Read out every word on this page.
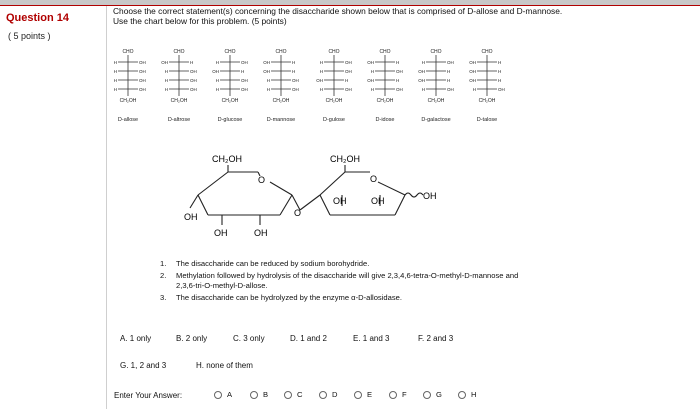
Question 14
( 5 points )
Choose the correct statement(s) concerning the disaccharide shown below that is comprised of D-allose and D-mannose.
Use the chart below for this problem. (5 points)
CHO
H	OH
H	OH
H	OH
H	OH
CH₂OH
D-allose
CHO
OH	H
H	OH
H	OH
H	OH
CH₂OH
D-altrose
CHO
H	OH
OH	H
H	OH
H	OH
CH₂OH
D-glucose
CHO
OH	H
OH	H
H	OH
H	OH
CH₂OH
D-mannose
CHO
H	OH
H	OH
OH	H
H	OH
CH₂OH
D-gulose
CHO
OH	H
H	OH
OH	H
H	OH
CH₂OH
D-idose
CHO
H	OH
OH	H
OH	H
H	OH
CH₂OH
D-galactose
CHO
OH	H
OH	H
OH	H
H	OH
CH₂OH
D-talose
CH₂OH	CH₂OH
O	O
O
OH
OH	OH
OH	OH	OH
1. The disaccharide can be reduced by sodium borohydride.
2. Methylation followed by hydrolysis of the disaccharide will give 2,3,4,6-tetra-O-methyl-D-mannose and 2,3,6-tri-O-methyl-D-allose.
3. The disaccharide can be hydrolyzed by the enzyme α-D-allosidase.
A. 1 only	B. 2 only	C. 3 only	D. 1 and 2	E. 1 and 3	F. 2 and 3
G. 1, 2 and 3	H. none of them
Enter Your Answer:	A	B	C	D	E	F	G	H
